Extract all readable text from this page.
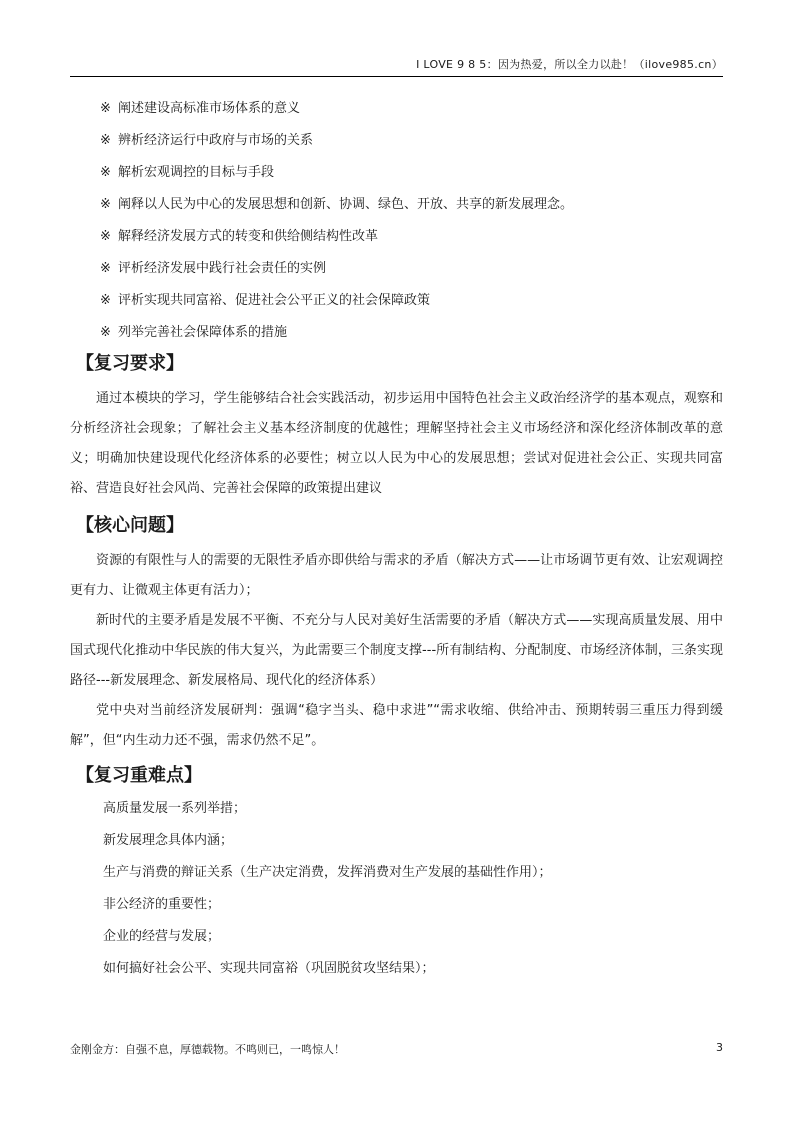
I LOVE 9 8 5：因为热爱，所以全力以赴！（ilove985.cn）
※ 阐述建设高标准市场体系的意义
※ 辨析经济运行中政府与市场的关系
※ 解析宏观调控的目标与手段
※ 阐释以人民为中心的发展思想和创新、协调、绿色、开放、共享的新发展理念。
※ 解释经济发展方式的转变和供给侧结构性改革
※ 评析经济发展中践行社会责任的实例
※ 评析实现共同富裕、促进社会公平正义的社会保障政策
※ 列举完善社会保障体系的措施
【复习要求】

通过本模块的学习，学生能够结合社会实践活动，初步运用中国特色社会主义政治经济学的基本观点，观察和分析经济社会现象；了解社会主义基本经济制度的优越性；理解坚持社会主义市场经济和深化经济体制改革的意义；明确加快建设现代化经济体系的必要性；树立以人民为中心的发展思想；尝试对促进社会公正、实现共同富裕、营造良好社会风尚、完善社会保障的政策提出建议

【核心问题】

资源的有限性与人的需要的无限性矛盾亦即供给与需求的矛盾（解决方式——让市场调节更有效、让宏观调控更有力、让微观主体更有活力）；

新时代的主要矛盾是发展不平衡、不充分与人民对美好生活需要的矛盾（解决方式——实现高质量发展、用中国式现代化推动中华民族的伟大复兴，为此需要三个制度支撑---所有制结构、分配制度、市场经济体制，三条实现路径---新发展理念、新发展格局、现代化的经济体系）

党中央对当前经济发展研判：强调“稳字当头、稳中求进”“需求收缩、供给冲击、预期转弱三重压力得到缓解”，但“内生动力还不强，需求仍然不足”。

【复习重难点】
高质量发展一系列举措；
新发展理念具体内涵；
生产与消费的辩证关系（生产决定消费，发挥消费对生产发展的基础性作用）；
非公经济的重要性；
企业的经营与发展；
如何搞好社会公平、实现共同富裕（巩固脱贫攻坚结果）；
金刚金方：自强不息，厚德载物。不鸣则已，一鸣惊人！	3
